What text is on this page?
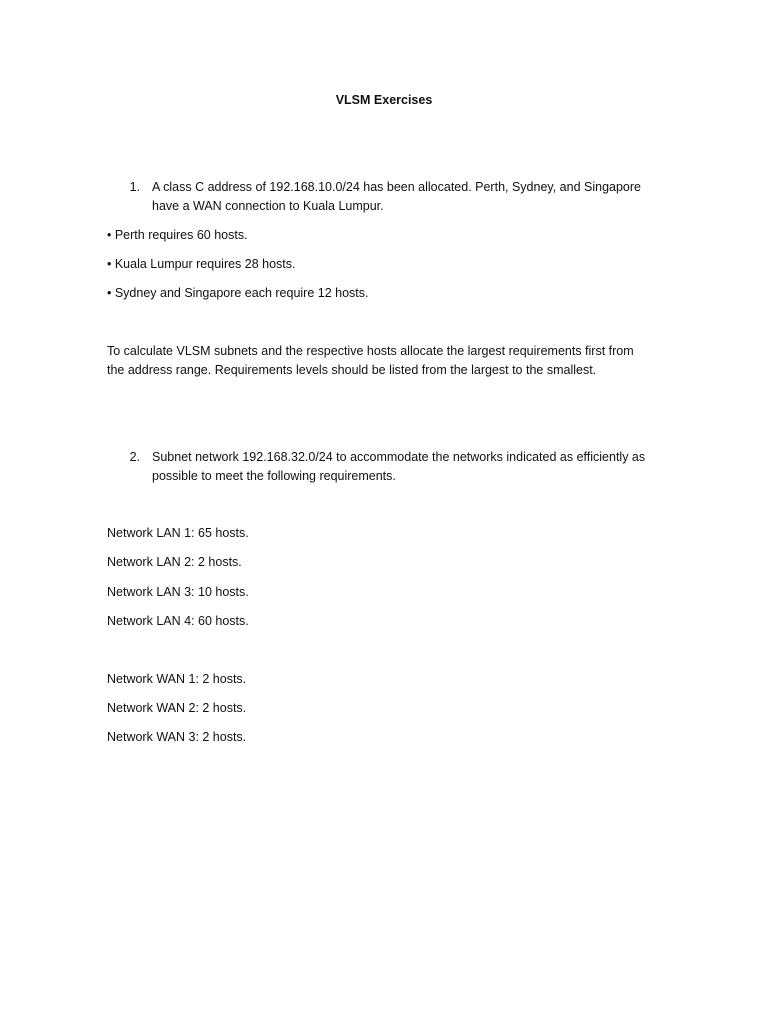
VLSM Exercises
1. A class C address of 192.168.10.0/24 has been allocated. Perth, Sydney, and Singapore
have a WAN connection to Kuala Lumpur.
• Perth requires 60 hosts.
• Kuala Lumpur requires 28 hosts.
• Sydney and Singapore each require 12 hosts.
To calculate VLSM subnets and the respective hosts allocate the largest requirements first from
the address range. Requirements levels should be listed from the largest to the smallest.
2. Subnet network 192.168.32.0/24 to accommodate the networks indicated as efficiently as
possible to meet the following requirements.
Network LAN 1: 65 hosts.
Network LAN 2: 2 hosts.
Network LAN 3: 10 hosts.
Network LAN 4: 60 hosts.
Network WAN 1: 2 hosts.
Network WAN 2: 2 hosts.
Network WAN 3: 2 hosts.
